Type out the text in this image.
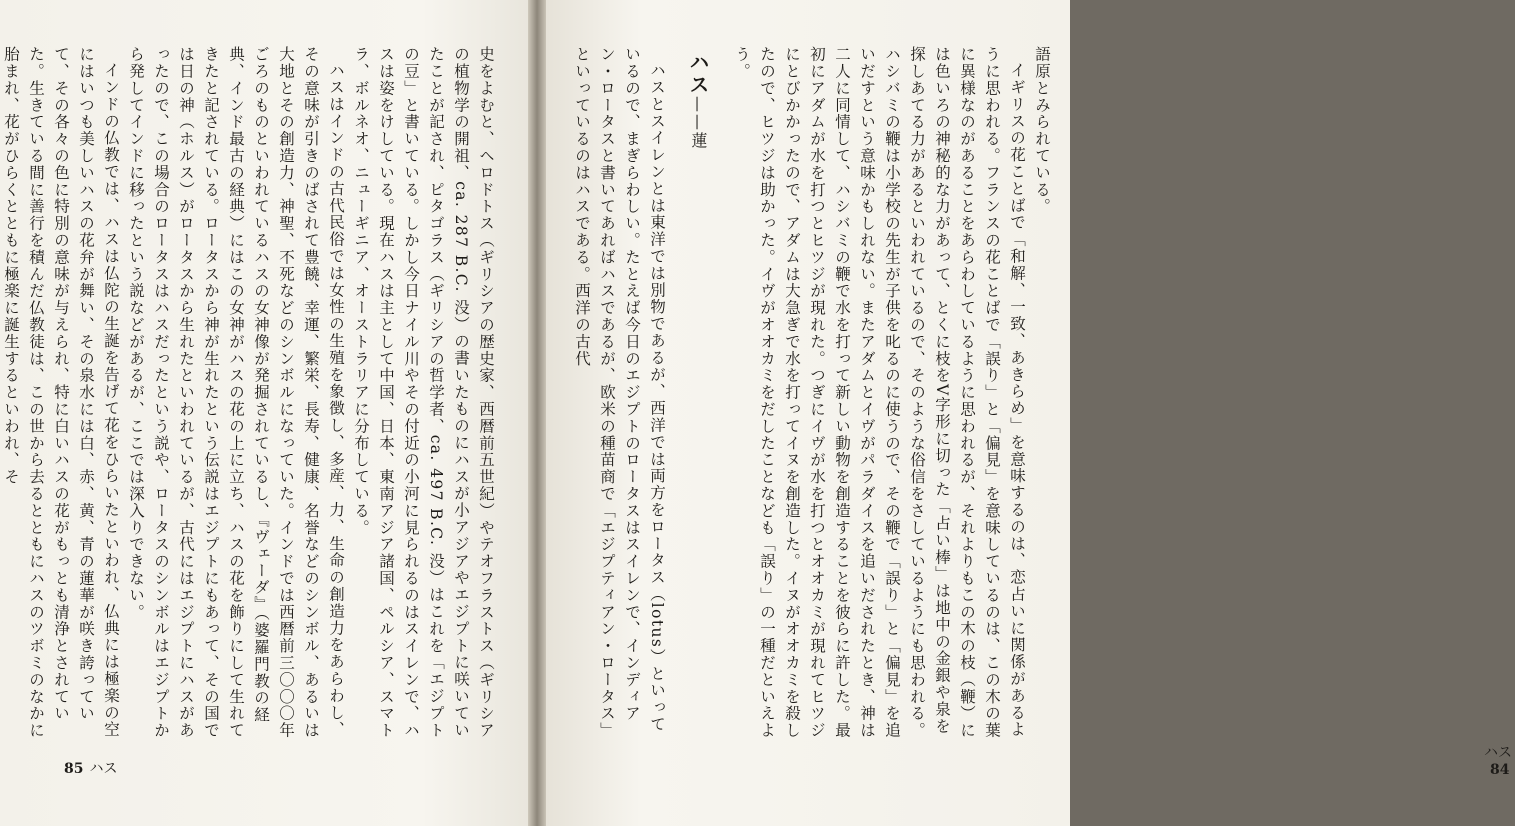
史をよむと、ヘロドトス（ギリシアの歴史家、西暦前五世紀）やテオフラストス（ギリシアの植物学の開祖、ca. 287 B.C. 没）の書いたものにハスが小アジアやエジプトに咲いていたことが記され、ピタゴラス（ギリシアの哲学者、ca. 497 B.C. 没）はこれを「エジプトの豆」と書いている。しかし今日ナイル川やその付近の小河に見られるのはスイレンで、ハスは姿をけしている。現在ハスは主として中国、日本、東南アジア諸国、ペルシア、スマトラ、ボルネオ、ニューギニア、オーストラリアに分布している。

ハスはインドの古代民俗では女性の生殖を象徴し、多産、力、生命の創造力をあらわし、その意味が引きのばされて豊饒、幸運、繁栄、長寿、健康、名誉などのシンボル、あるいは大地とその創造力、神聖、不死などのシンボルになっていた。インドでは西暦前三〇〇〇年ごろのものといわれているハスの女神像が発掘されているし、『ヴェーダ』（婆羅門教の経典、インド最古の経典）にはこの女神がハスの花の上に立ち、ハスの花を飾りにして生れてきたと記されている。ロータスから神が生れたという伝説はエジプトにもあって、その国では日の神（ホルス）がロータスから生れたといわれているが、古代にはエジプトにハスがあったので、この場合のロータスはハスだったという説や、ロータスのシンボルはエジプトから発してインドに移ったという説などがあるが、ここでは深入りできない。

インドの仏教では、ハスは仏陀の生誕を告げて花をひらいたといわれ、仏典には極楽の空にはいつも美しいハスの花弁が舞い、その泉水には白、赤、黄、青の蓮華が咲き誇っていて、その各々の色に特別の意味が与えられ、特に白いハスの花がもっとも清浄とされていた。生きている間に善行を積んだ仏教徒は、この世から去るとともにハスのツボミのなかに胎まれ、花がひらくとともに極楽に誕生するといわれ、そ

85 ハス

語原とみられている。

イギリスの花ことばで「和解、一致、あきらめ」を意味するのは、恋占いに関係があるように思われる。フランスの花ことばで「誤り」と「偏見」を意味しているのは、この木の葉に異様なのがあることをあらわしているように思われるが、それよりもこの木の枝（鞭）には色いろの神秘的な力があって、とくに枝をV字形に切った「占い棒」は地中の金銀や泉を探しあてる力があるといわれているので、そのような俗信をさしているようにも思われる。ハシバミの鞭は小学校の先生が子供を叱るのに使うので、その鞭で「誤り」と「偏見」を追いだすという意味かもしれない。またアダムとイヴがパラダイスを追いだされたとき、神は二人に同情して、ハシバミの鞭で水を打って新しい動物を創造することを彼らに許した。最初にアダムが水を打つとヒツジが現れた。つぎにイヴが水を打つとオオカミが現れてヒツジにとびかかったので、アダムは大急ぎで水を打ってイヌを創造した。イヌがオオカミを殺したので、ヒツジは助かった。イヴがオオカミをだしたことなども「誤り」の一種だといえよう。

ハス——蓮

ハスとスイレンとは東洋では別物であるが、西洋では両方をロータス（lotus）といっているので、まぎらわしい。たとえば今日のエジプトのロータスはスイレンで、インディアン・ロータスと書いてあればハスであるが、欧米の種苗商で「エジプティアン・ロータス」といっているのはハスである。西洋の古代

ハス84
